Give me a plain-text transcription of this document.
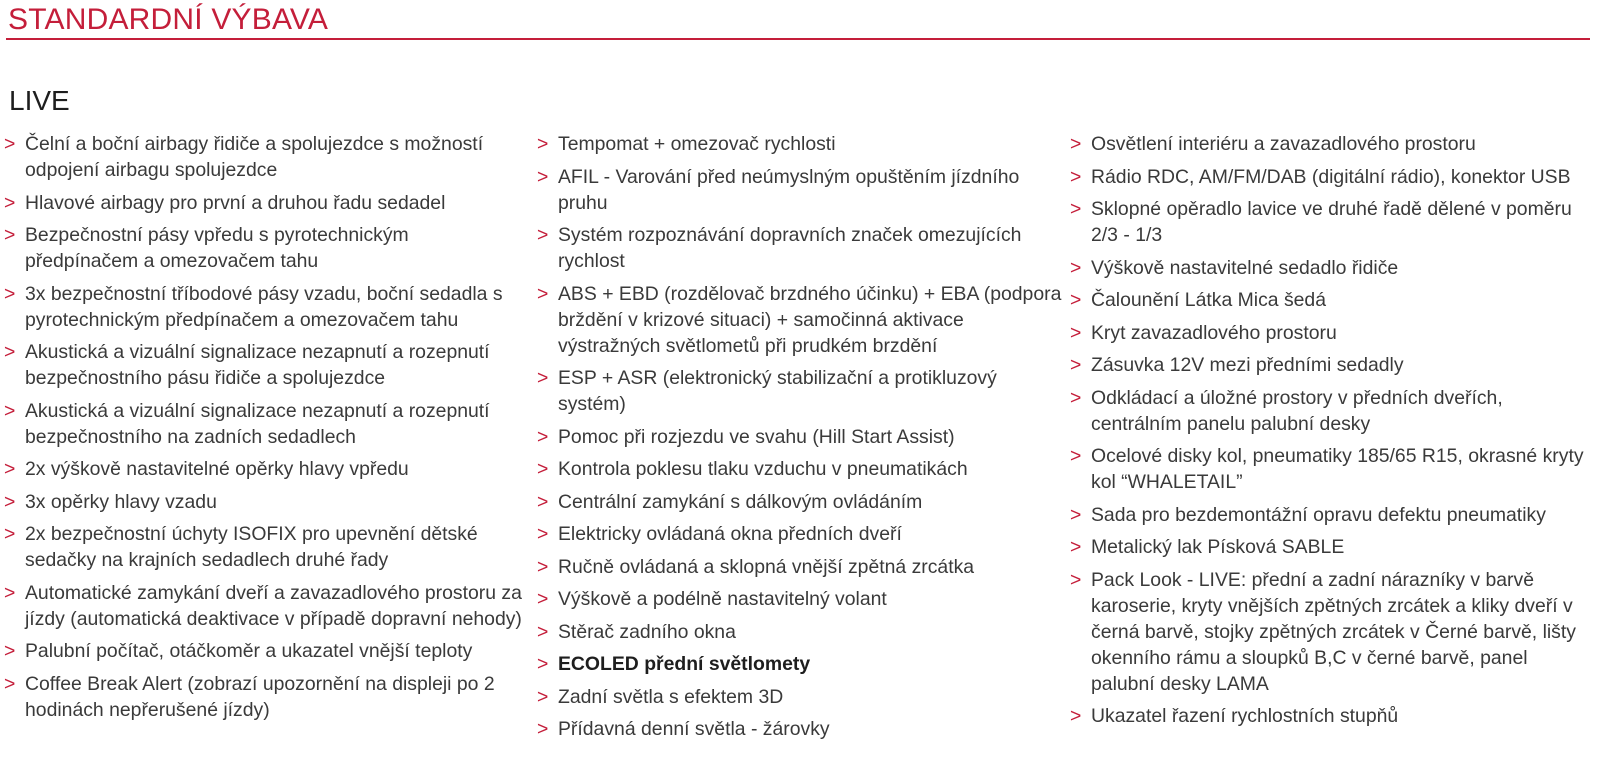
STANDARDNÍ VÝBAVA
LIVE
> Čelní a boční airbagy řidiče a spolujezdce s možností odpojení airbagu spolujezdce
> Hlavové airbagy pro první a druhou řadu sedadel
> Bezpečnostní pásy vpředu s pyrotechnickým předpínačem a omezovačem tahu
> 3x bezpečnostní tříbodové pásy vzadu, boční sedadla s pyrotechnickým předpínačem a omezovačem tahu
> Akustická a vizuální signalizace nezapnutí a rozepnutí bezpečnostního pásu řidiče a spolujezdce
> Akustická a vizuální signalizace nezapnutí a rozepnutí bezpečnostního na zadních sedadlech
> 2x výškově nastavitelné opěrky hlavy vpředu
> 3x opěrky hlavy vzadu
> 2x bezpečnostní úchyty ISOFIX pro upevnění dětské sedačky na krajních sedadlech druhé řady
> Automatické zamykání dveří a zavazadlového prostoru za jízdy (automatická deaktivace v případě dopravní nehody)
> Palubní počítač, otáčkoměr a ukazatel vnější teploty
> Coffee Break Alert (zobrazí upozornění na displeji po 2 hodinách nepřerušené jízdy)
> Tempomat + omezovač rychlosti
> AFIL - Varování před neúmyslným opuštěním jízdního pruhu
> Systém rozpoznávání dopravních značek omezujících rychlost
> ABS + EBD (rozdělovač brzdného účinku) + EBA (podpora brždění v krizové situaci) + samočinná aktivace výstražných světlometů při prudkém brzdění
> ESP + ASR (elektronický stabilizační a protikluzový systém)
> Pomoc při rozjezdu ve svahu (Hill Start Assist)
> Kontrola poklesu tlaku vzduchu v pneumatikách
> Centrální zamykání s dálkovým ovládáním
> Elektricky ovládaná okna předních dveří
> Ručně ovládaná a sklopná vnější zpětná zrcátka
> Výškově a podélně nastavitelný volant
> Stěrač zadního okna
> ECOLED přední světlomety
> Zadní světla s efektem 3D
> Přídavná denní světla - žárovky
> Osvětlení interiéru a zavazadlového prostoru
> Rádio RDC, AM/FM/DAB (digitální rádio), konektor USB
> Sklopné opěradlo lavice ve druhé řadě dělené v poměru 2/3 - 1/3
> Výškově nastavitelné sedadlo řidiče
> Čalounění Látka Mica šedá
> Kryt zavazadlového prostoru
> Zásuvka 12V mezi předními sedadly
> Odkládací a úložné prostory v předních dveřích, centrálním panelu palubní desky
> Ocelové disky kol, pneumatiky 185/65 R15, okrasné kryty kol “WHALETAIL”
> Sada pro bezdemontážní opravu defektu pneumatiky
> Metalický lak Písková SABLE
> Pack Look - LIVE: přední a zadní nárazníky v barvě karoserie, kryty vnějších zpětných zrcátek a kliky dveří v černá barvě, stojky zpětných zrcátek v Černé barvě, lišty okenního rámu a sloupků B,C v černé barvě, panel palubní desky LAMA
> Ukazatel řazení rychlostních stupňů
